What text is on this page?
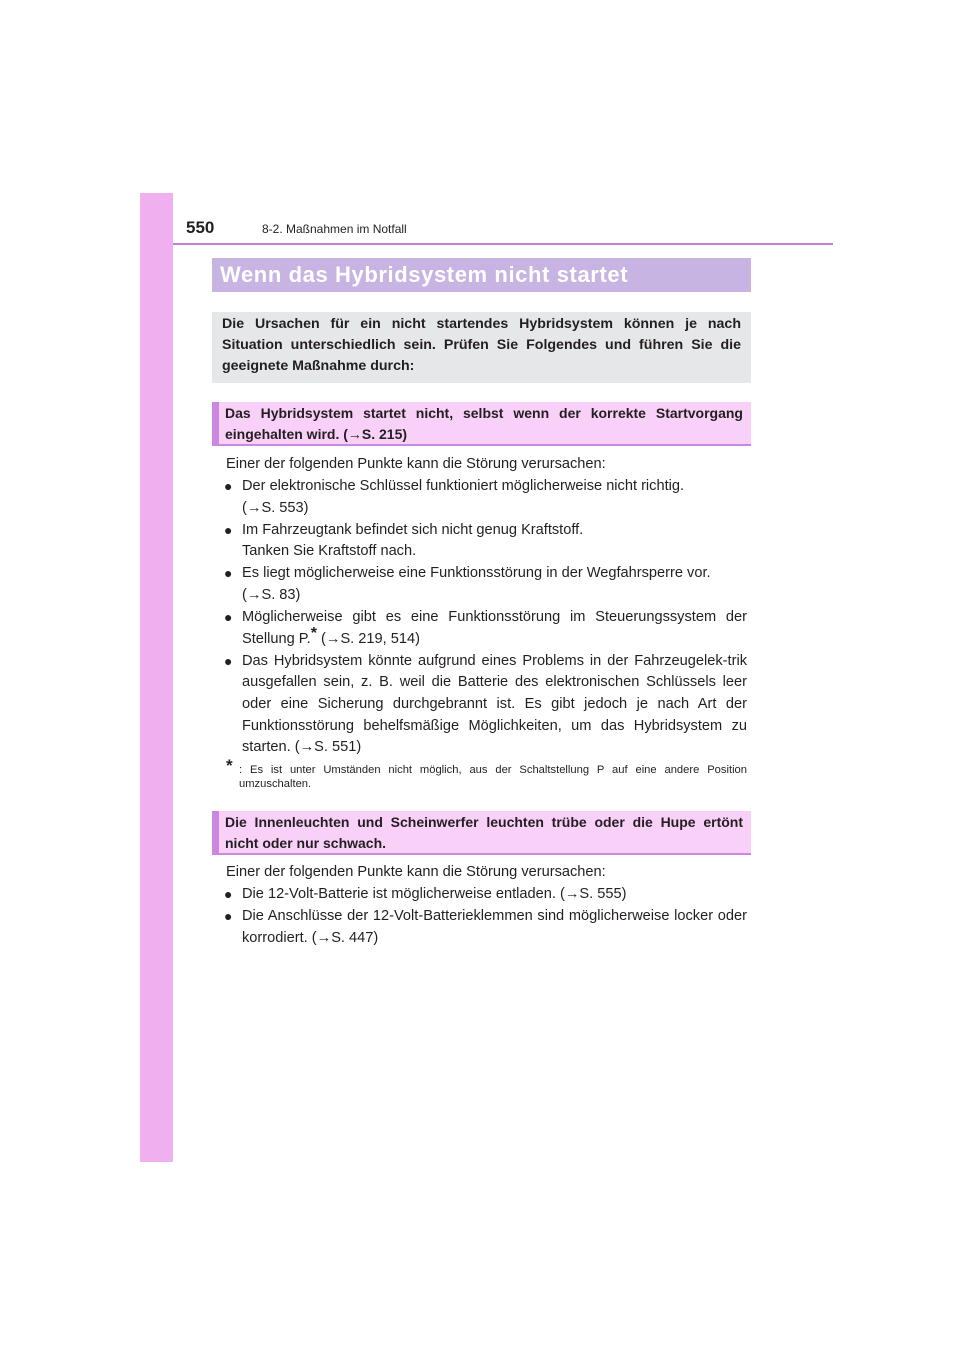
550	8-2. Maßnahmen im Notfall
Wenn das Hybridsystem nicht startet
Die Ursachen für ein nicht startendes Hybridsystem können je nach Situation unterschiedlich sein. Prüfen Sie Folgendes und führen Sie die geeignete Maßnahme durch:
Das Hybridsystem startet nicht, selbst wenn der korrekte Startvorgang eingehalten wird. (→S. 215)
Einer der folgenden Punkte kann die Störung verursachen:
● Der elektronische Schlüssel funktioniert möglicherweise nicht richtig.
(→S. 553)
● Im Fahrzeugtank befindet sich nicht genug Kraftstoff.
Tanken Sie Kraftstoff nach.
● Es liegt möglicherweise eine Funktionsstörung in der Wegfahrsperre vor.
(→S. 83)
● Möglicherweise gibt es eine Funktionsstörung im Steuerungssystem der Stellung P.* (→S. 219, 514)
● Das Hybridsystem könnte aufgrund eines Problems in der Fahrzeugelek-trik ausgefallen sein, z. B. weil die Batterie des elektronischen Schlüssels leer oder eine Sicherung durchgebrannt ist. Es gibt jedoch je nach Art der Funktionsstörung behelfsmäßige Möglichkeiten, um das Hybridsystem zu starten. (→S. 551)
* : Es ist unter Umständen nicht möglich, aus der Schaltstellung P auf eine andere Position umzuschalten.
Die Innenleuchten und Scheinwerfer leuchten trübe oder die Hupe ertönt nicht oder nur schwach.
Einer der folgenden Punkte kann die Störung verursachen:
● Die 12-Volt-Batterie ist möglicherweise entladen. (→S. 555)
● Die Anschlüsse der 12-Volt-Batterieklemmen sind möglicherweise locker oder korrodiert. (→S. 447)
